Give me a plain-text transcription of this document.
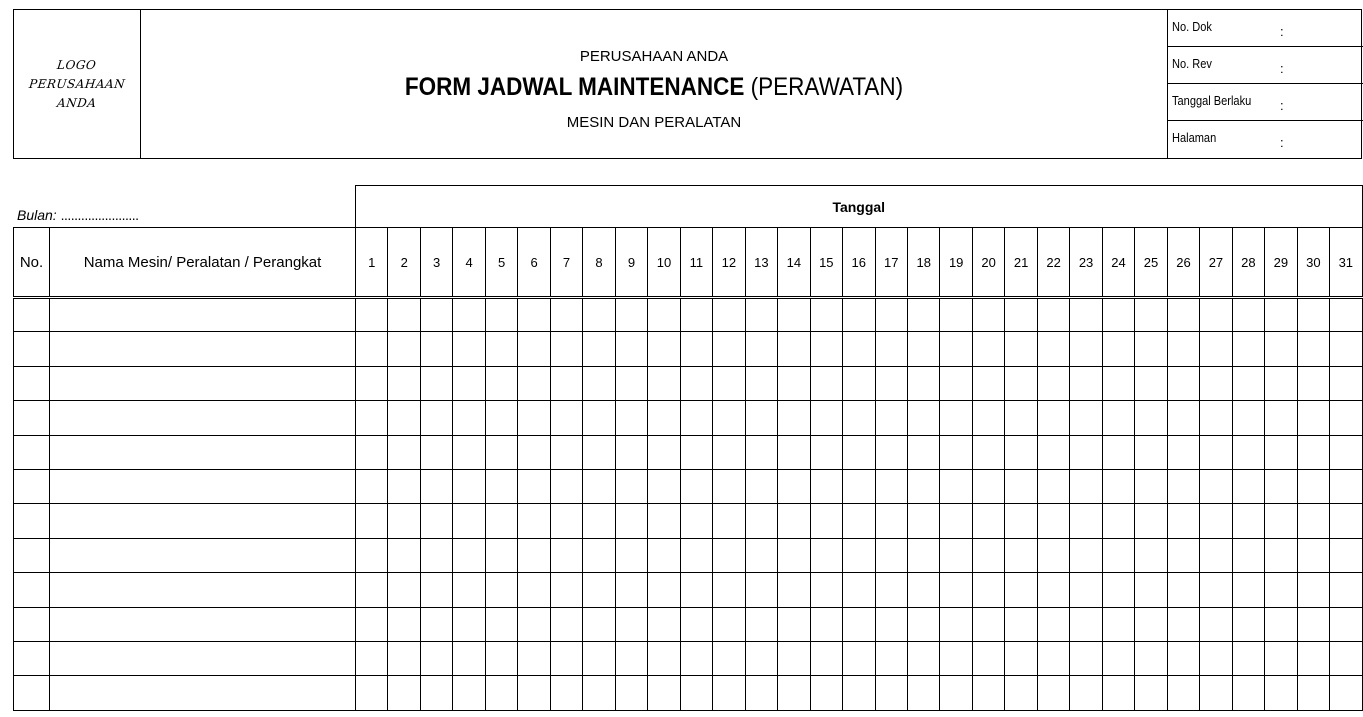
LOGO
PERUSAHAAN
ANDA
PERUSAHAAN ANDA
FORM JADWAL MAINTENANCE (PERAWATAN)
MESIN DAN PERALATAN
No. Dok	:
No. Rev	:
Tanggal Berlaku :
Halaman	:
		Tanggal																														
No.	Nama Mesin/ Peralatan / Perangkat	1	2	3	4	5	6	7	8	9	10	11	12	13	14	15	16	17	18	19	20	21	22	23	24	25	26	27	28	29	30	31

Bulan: .......................
